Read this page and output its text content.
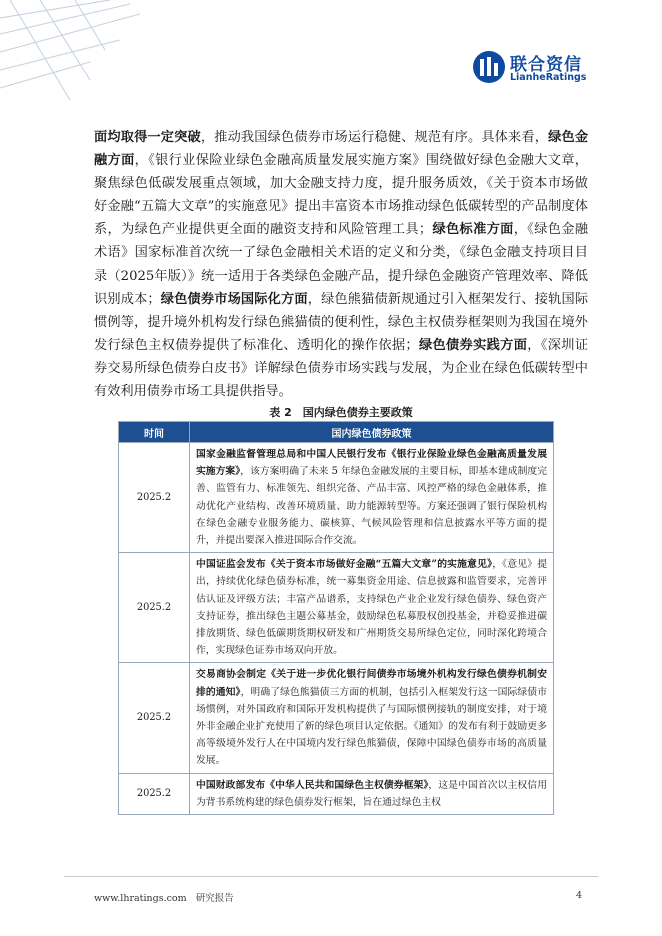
联合资信
LianheRatings
面均取得一定突破，推动我国绿色债券市场运行稳健、规范有序。具体来看，绿色金融方面，《银行业保险业绿色金融高质量发展实施方案》围绕做好绿色金融大文章，聚焦绿色低碳发展重点领域，加大金融支持力度，提升服务质效，《关于资本市场做好金融“五篇大文章”的实施意见》提出丰富资本市场推动绿色低碳转型的产品制度体系，为绿色产业提供更全面的融资支持和风险管理工具；绿色标准方面，《绿色金融术语》国家标准首次统一了绿色金融相关术语的定义和分类，《绿色金融支持项目目录（2025年版）》统一适用于各类绿色金融产品，提升绿色金融资产管理效率、降低识别成本；绿色债券市场国际化方面，绿色熊猫债新规通过引入框架发行、接轨国际惯例等，提升境外机构发行绿色熊猫债的便利性，绿色主权债券框架则为我国在境外发行绿色主权债券提供了标准化、透明化的操作依据；绿色债券实践方面，《深圳证券交易所绿色债券白皮书》详解绿色债券市场实践与发展，为企业在绿色低碳转型中有效利用债券市场工具提供指导。
表 2　国内绿色债券主要政策
时间	国内绿色债券政策
2025.2	国家金融监督管理总局和中国人民银行发布《银行业保险业绿色金融高质量发展实施方案》，该方案明确了未来 5 年绿色金融发展的主要目标，即基本建成制度完善、监管有力、标准领先、组织完备、产品丰富、风控严格的绿色金融体系，推动优化产业结构、改善环境质量、助力能源转型等。方案还强调了银行保险机构在绿色金融专业服务能力、碳核算、气候风险管理和信息披露水平等方面的提升，并提出要深入推进国际合作交流。
2025.2	中国证监会发布《关于资本市场做好金融“五篇大文章”的实施意见》，《意见》提出，持续优化绿色债券标准，统一募集资金用途、信息披露和监管要求，完善评估认证及评级方法；丰富产品谱系，支持绿色产业企业发行绿色债券、绿色资产支持证券，推出绿色主题公募基金，鼓励绿色私募股权创投基金，并稳妥推进碳排放期货、绿色低碳期货期权研发和广州期货交易所绿色定位，同时深化跨境合作，实现绿色证券市场双向开放。
2025.2	交易商协会制定《关于进一步优化银行间债券市场境外机构发行绿色债券机制安排的通知》，明确了绿色熊猫债三方面的机制，包括引入框架发行这一国际绿债市场惯例，对外国政府和国际开发机构提供了与国际惯例接轨的制度安排，对于境外非金融企业扩充使用了新的绿色项目认定依据。《通知》的发布有利于鼓励更多高等级境外发行人在中国境内发行绿色熊猫债，保障中国绿色债券市场的高质量发展。
2025.2	中国财政部发布《中华人民共和国绿色主权债券框架》，这是中国首次以主权信用为背书系统构建的绿色债券发行框架，旨在通过绿色主权
www.lhratings.com 研究报告	4
